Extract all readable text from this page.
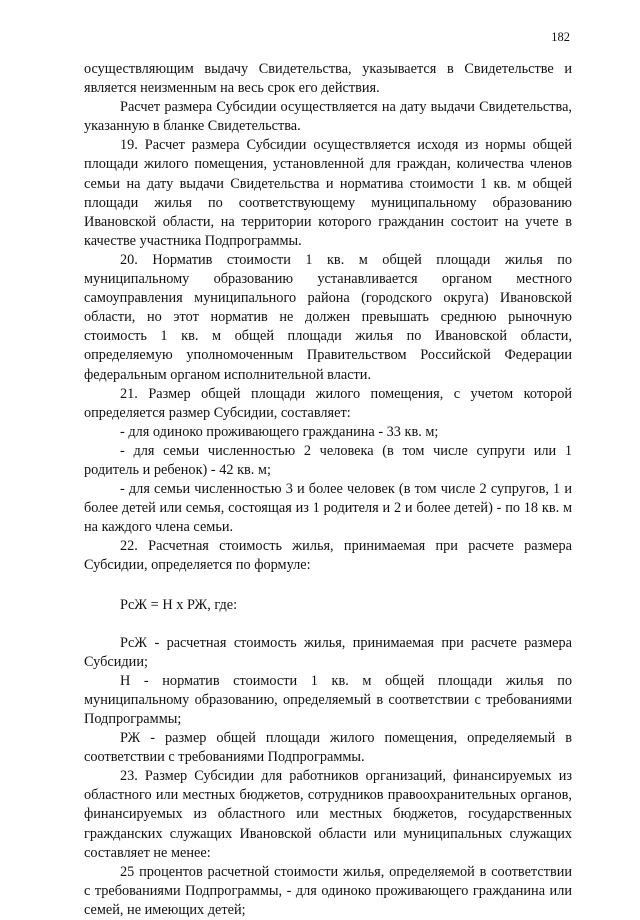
182

осуществляющим выдачу Свидетельства, указывается в Свидетельстве и является неизменным на весь срок его действия.

Расчет размера Субсидии осуществляется на дату выдачи Свидетельства, указанную в бланке Свидетельства.

19. Расчет размера Субсидии осуществляется исходя из нормы общей площади жилого помещения, установленной для граждан, количества членов семьи на дату выдачи Свидетельства и норматива стоимости 1 кв. м общей площади жилья по соответствующему муниципальному образованию Ивановской области, на территории которого гражданин состоит на учете в качестве участника Подпрограммы.

20. Норматив стоимости 1 кв. м общей площади жилья по муниципальному образованию устанавливается органом местного самоуправления муниципального района (городского округа) Ивановской области, но этот норматив не должен превышать среднюю рыночную стоимость 1 кв. м общей площади жилья по Ивановской области, определяемую уполномоченным Правительством Российской Федерации федеральным органом исполнительной власти.

21. Размер общей площади жилого помещения, с учетом которой определяется размер Субсидии, составляет:

- для одиноко проживающего гражданина - 33 кв. м;

- для семьи численностью 2 человека (в том числе супруги или 1 родитель и ребенок) - 42 кв. м;

- для семьи численностью 3 и более человек (в том числе 2 супругов, 1 и более детей или семья, состоящая из 1 родителя и 2 и более детей) - по 18 кв. м на каждого члена семьи.

22. Расчетная стоимость жилья, принимаемая при расчете размера Субсидии, определяется по формуле:

РсЖ = Н х РЖ, где:

РсЖ - расчетная стоимость жилья, принимаемая при расчете размера Субсидии;

Н - норматив стоимости 1 кв. м общей площади жилья по муниципальному образованию, определяемый в соответствии с требованиями Подпрограммы;

РЖ - размер общей площади жилого помещения, определяемый в соответствии с требованиями Подпрограммы.

23. Размер Субсидии для работников организаций, финансируемых из областного или местных бюджетов, сотрудников правоохранительных органов, финансируемых из областного или местных бюджетов, государственных гражданских служащих Ивановской области или муниципальных служащих составляет не менее:

25 процентов расчетной стоимости жилья, определяемой в соответствии с требованиями Подпрограммы, - для одиноко проживающего гражданина или семей, не имеющих детей;
